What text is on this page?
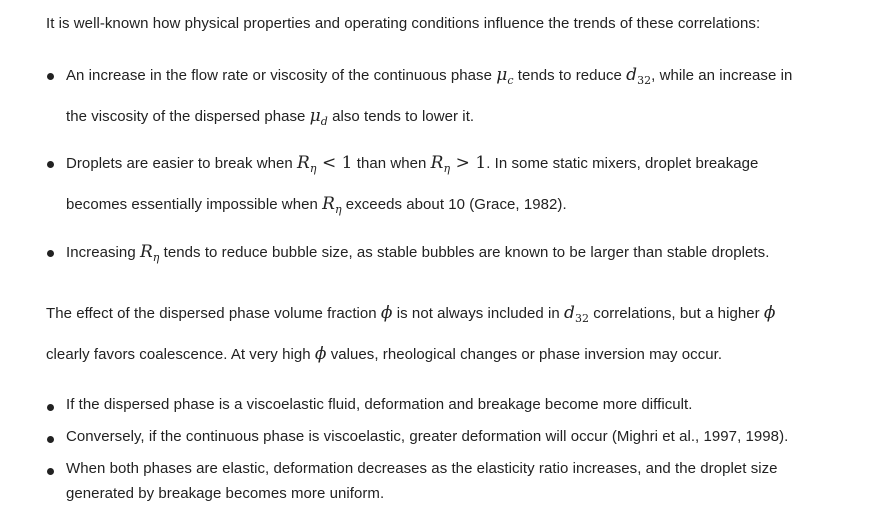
It is well-known how physical properties and operating conditions influence the trends of these correlations:

An increase in the flow rate or viscosity of the continuous phase $\mu_c$ tends to reduce $d_{32}$, while an increase in
the viscosity of the dispersed phase $\mu_d$ also tends to lower it.
Droplets are easier to break when $R_\eta < 1$ than when $R_\eta > 1$. In some static mixers, droplet breakage
becomes essentially impossible when $R_\eta$ exceeds about 10 (Grace, 1982).
Increasing $R_\eta$ tends to reduce bubble size, as stable bubbles are known to be larger than stable droplets.

The effect of the dispersed phase volume fraction ϕ is not always included in $d_{32}$ correlations, but a higher ϕ

clearly favors coalescence. At very high ϕ values, rheological changes or phase inversion may occur.

If the dispersed phase is a viscoelastic fluid, deformation and breakage become more difficult.
Conversely, if the continuous phase is viscoelastic, greater deformation will occur (Mighri et al., 1997, 1998).
When both phases are elastic, deformation decreases as the elasticity ratio increases, and the droplet size
generated by breakage becomes more uniform.
